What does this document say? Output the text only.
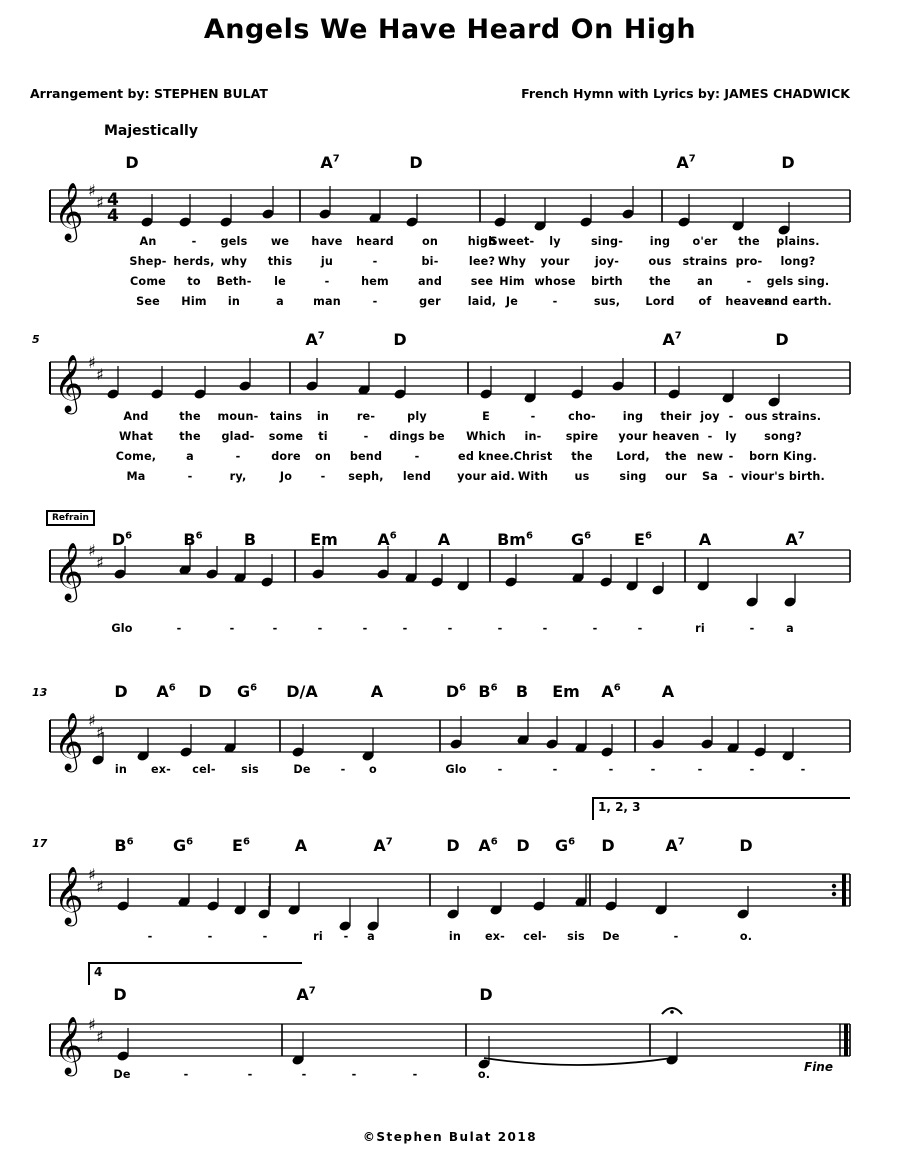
Angels We Have Heard On High
Arrangement by: STEPHEN BULAT	French Hymn with Lyrics by: JAMES CHADWICK
Majestically
𝄞 ♯
♯
𝄞 ♯
♯
𝄞 ♯
♯
𝄞 ♯
♯
𝄞 ♯
♯
𝄞 ♯
♯
4
4
D	$A^7$	D	$A^7$	D
An	- gels we have heard	on	high
Sweet- ly	sing- ing o'er the plains.
Shep- herds, why this	ju	-	bi-	lee? Why your joy-	ous strains pro- long?
Come to Beth- le	-	hem	and	see Him whose birth the an	- gels sing.
See Him in	a	man	-	ger laid, Je	-	sus, Lord of heaven
and earth.
$A^7$	D	$A^7$	D
And	the moun- tains in re-	ply	E	-	cho- ing their joy - ous strains.
What the glad- some ti	- dings be Which in- spire your heaven - ly song?
Come,	a	-	dore on bend	-	ed knee. Christ the Lord, the new - born King.
Ma	-	ry,	Jo	- seph, lend your aid. With us	sing our Sa - viour's birth.
$D^6$	$B^6$	B	Em $A^6$	A	Bm$^6$ $G^6$	$E^6$	A	$A^7$
Glo	-	-	-	-	-	-	-	-	-	-	-	ri	-	a
D $A^6$ D $G^6$ D/A	A	$D^6$ $B^6$ B Em $A^6$	A
in ex- cel- sis	De	- o	Glo	-	-	-	-	-	-	-
$B^6$ $G^6$ $E^6$	A	$A^7$	D $A^6$ D $G^6$ D	$A^7$	D
-	-	-	ri - a	in ex- cel- sis De	-	o.
1, 2, 3
D	$A^7$	D
De	-	-	-	-	-	o.
4
Fine
Refrain
5
13
17
©Stephen Bulat 2018
